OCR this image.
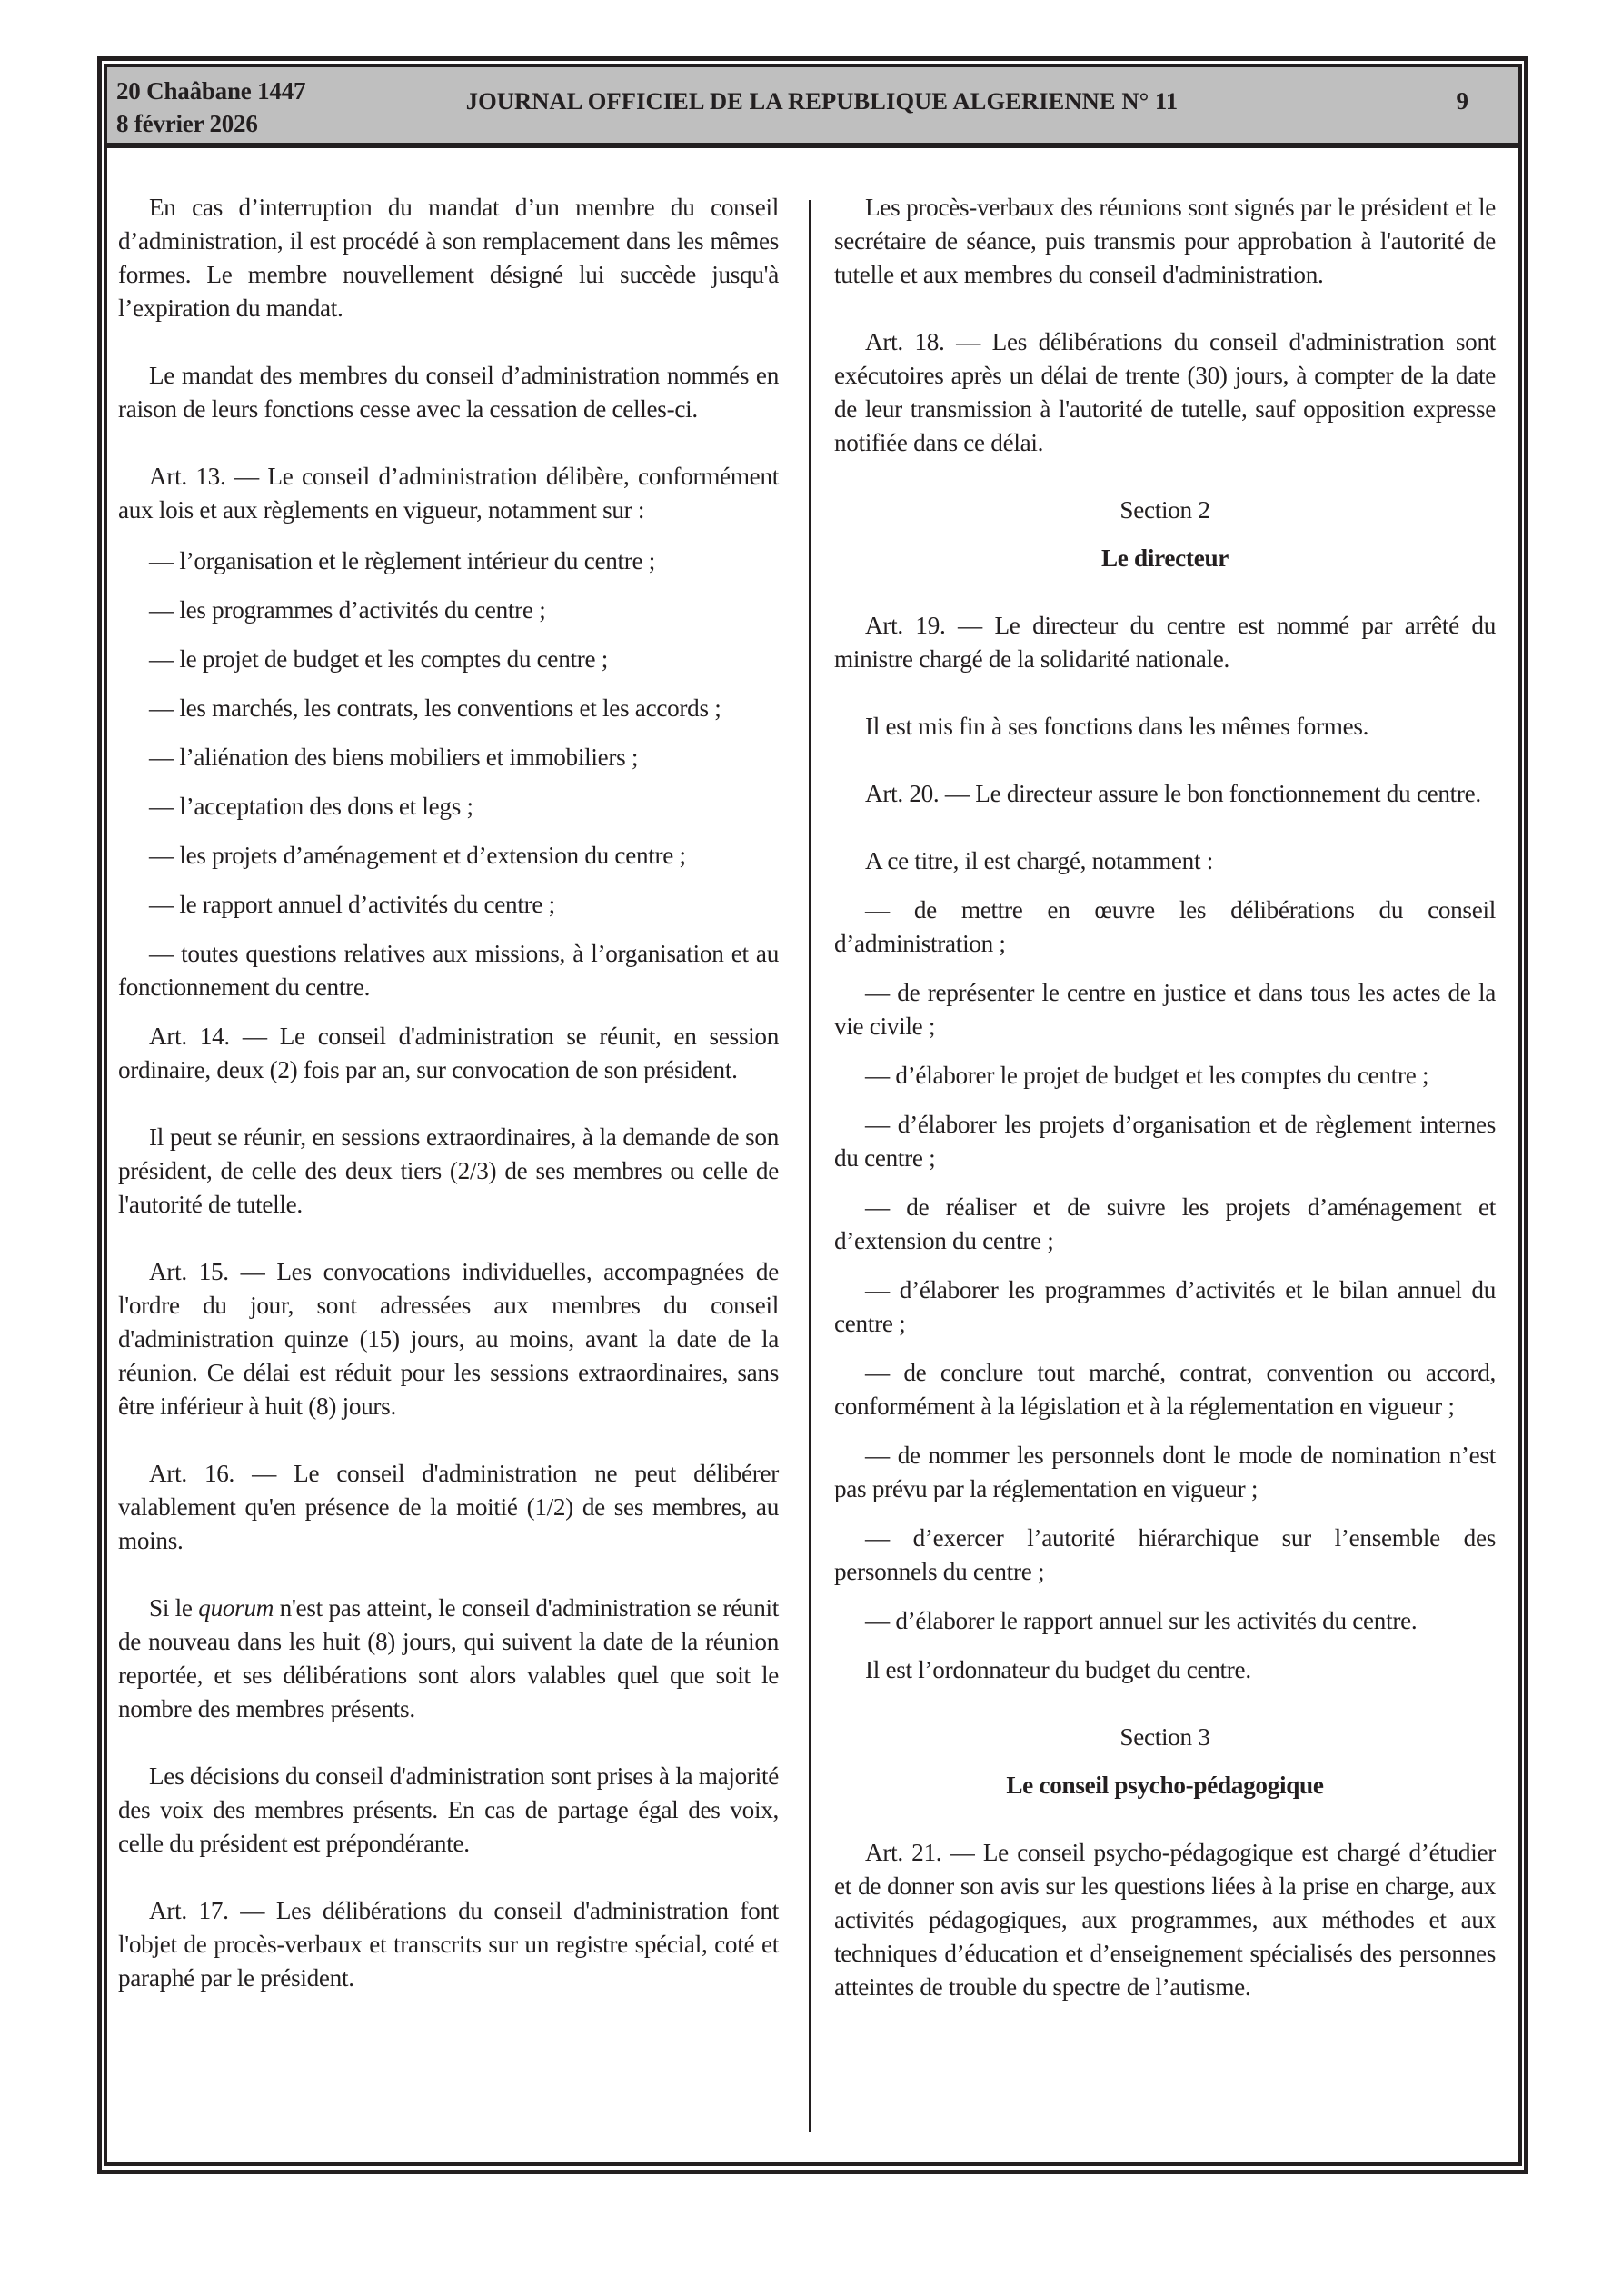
20 Chaâbane 1447
8 février 2026
JOURNAL OFFICIEL DE LA REPUBLIQUE ALGERIENNE N° 11	9

En cas d’interruption du mandat d’un membre du conseil d’administration, il est procédé à son remplacement dans les mêmes formes. Le membre nouvellement désigné lui succède jusqu'à l’expiration du mandat.

Le mandat des membres du conseil d’administration nommés en raison de leurs fonctions cesse avec la cessation de celles-ci.

Art. 13. — Le conseil d’administration délibère, conformément aux lois et aux règlements en vigueur, notamment sur :

— l’organisation et le règlement intérieur du centre ;

— les programmes d’activités du centre ;

— le projet de budget et les comptes du centre ;

— les marchés, les contrats, les conventions et les accords ;

— l’aliénation des biens mobiliers et immobiliers ;

— l’acceptation des dons et legs ;

— les projets d’aménagement et d’extension du centre ;

— le rapport annuel d’activités du centre ;

— toutes questions relatives aux missions, à l’organisation et au fonctionnement du centre.

Art. 14. — Le conseil d'administration se réunit, en session ordinaire, deux (2) fois par an, sur convocation de son président.

Il peut se réunir, en sessions extraordinaires, à la demande de son président, de celle des deux tiers (2/3) de ses membres ou celle de l'autorité de tutelle.

Art. 15. — Les convocations individuelles, accompagnées de l'ordre du jour, sont adressées aux membres du conseil d'administration quinze (15) jours, au moins, avant la date de la réunion. Ce délai est réduit pour les sessions extraordinaires, sans être inférieur à huit (8) jours.

Art. 16. — Le conseil d'administration ne peut délibérer valablement qu'en présence de la moitié (1/2) de ses membres, au moins.

Si le quorum n'est pas atteint, le conseil d'administration se réunit de nouveau dans les huit (8) jours, qui suivent la date de la réunion reportée, et ses délibérations sont alors valables quel que soit le nombre des membres présents.

Les décisions du conseil d'administration sont prises à la majorité des voix des membres présents. En cas de partage égal des voix, celle du président est prépondérante.

Art. 17. — Les délibérations du conseil d'administration font l'objet de procès-verbaux et transcrits sur un registre spécial, coté et paraphé par le président.

Les procès-verbaux des réunions sont signés par le président et le secrétaire de séance, puis transmis pour approbation à l'autorité de tutelle et aux membres du conseil d'administration.

Art. 18. — Les délibérations du conseil d'administration sont exécutoires après un délai de trente (30) jours, à compter de la date de leur transmission à l'autorité de tutelle, sauf opposition expresse notifiée dans ce délai.

Section 2

Le directeur

Art. 19. — Le directeur du centre est nommé par arrêté du ministre chargé de la solidarité nationale.

Il est mis fin à ses fonctions dans les mêmes formes.

Art. 20. — Le directeur assure le bon fonctionnement du centre.

A ce titre, il est chargé, notamment :

— de mettre en œuvre les délibérations du conseil d’administration ;

— de représenter le centre en justice et dans tous les actes de la vie civile ;

— d’élaborer le projet de budget et les comptes du centre ;

— d’élaborer les projets d’organisation et de règlement internes du centre ;

— de réaliser et de suivre les projets d’aménagement et d’extension du centre ;

— d’élaborer les programmes d’activités et le bilan annuel du centre ;

— de conclure tout marché, contrat, convention ou accord, conformément à la législation et à la réglementation en vigueur ;

— de nommer les personnels dont le mode de nomination n’est pas prévu par la réglementation en vigueur ;

— d’exercer l’autorité hiérarchique sur l’ensemble des personnels du centre ;

— d’élaborer le rapport annuel sur les activités du centre.

Il est l’ordonnateur du budget du centre.

Section 3

Le conseil psycho-pédagogique

Art. 21. — Le conseil psycho-pédagogique est chargé d’étudier et de donner son avis sur les questions liées à la prise en charge, aux activités pédagogiques, aux programmes, aux méthodes et aux techniques d’éducation et d’enseignement spécialisés des personnes atteintes de trouble du spectre de l’autisme.
